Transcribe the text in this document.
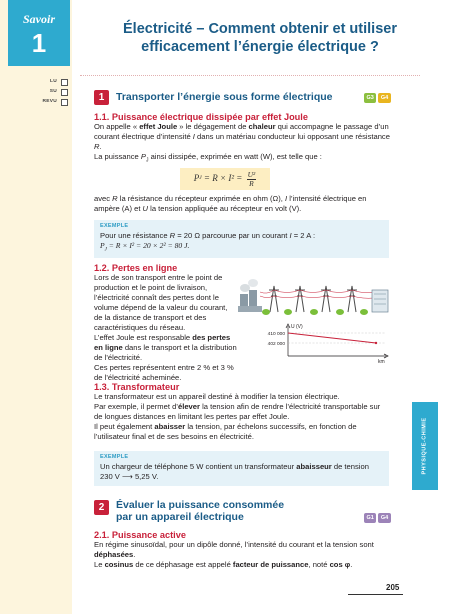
Savoir
1
LU
SU
REVU
Électricité – Comment obtenir et utiliser
efficacement l’énergie électrique ?
1	Transporter l’énergie sous forme électrique	G3	G4
1.1. Puissance électrique dissipée par effet Joule

On appelle « effet Joule » le dégagement de chaleur qui accompagne le passage d’un courant électrique d’intensité I dans un matériau conducteur lui opposant une résistance R.

La puissance $P_J$ ainsi dissipée, exprimée en watt (W), est telle que :

P $J = R \times I^2 = \frac{\text{U²}}{R}$

avec R la résistance du récepteur exprimée en ohm (Ω), I l’intensité électrique en ampère (A) et U la tension appliquée au récepteur en volt (V).

EXEMPLE
Pour une résistance R = 20 Ω parcourue par un courant I = 2 A :
$P_J = R \times I^2 = 20 \times 2^2 = 80$ J.
1.2. Pertes en ligne

Lors de son transport entre le point de production et le point de livraison, l’électricité connaît des pertes dont le volume dépend de la valeur du courant, de la distance de transport et des caractéristiques du réseau.

L’effet Joule est responsable des pertes en ligne dans le transport et la distribution de l’électricité.

Ces pertes représentent entre 2 % et 3 % de l’électricité acheminée.

U (V)
410 000
402 000
km
1.3. Transformateur

Le transformateur est un appareil destiné à modifier la tension électrique.

Par exemple, il permet d’élever la tension afin de rendre l’électricité transportable sur de longues distances en limitant les pertes par effet Joule.

Il peut également abaisser la tension, par échelons successifs, en fonction de l’utilisateur final et de ses besoins en électricité.

EXEMPLE
Un chargeur de téléphone 5 W contient un transformateur abaisseur de tension
230 V ⟶ 5,25 V.
2	Évaluer la puissance consommée
par un appareil électrique	G1	G4
2.1. Puissance active

En régime sinusoïdal, pour un dipôle donné, l’intensité du courant et la tension sont déphasées.

Le cosinus de ce déphasage est appelé facteur de puissance, noté cos φ.

PHYSIQUE-CHIMIE
205
